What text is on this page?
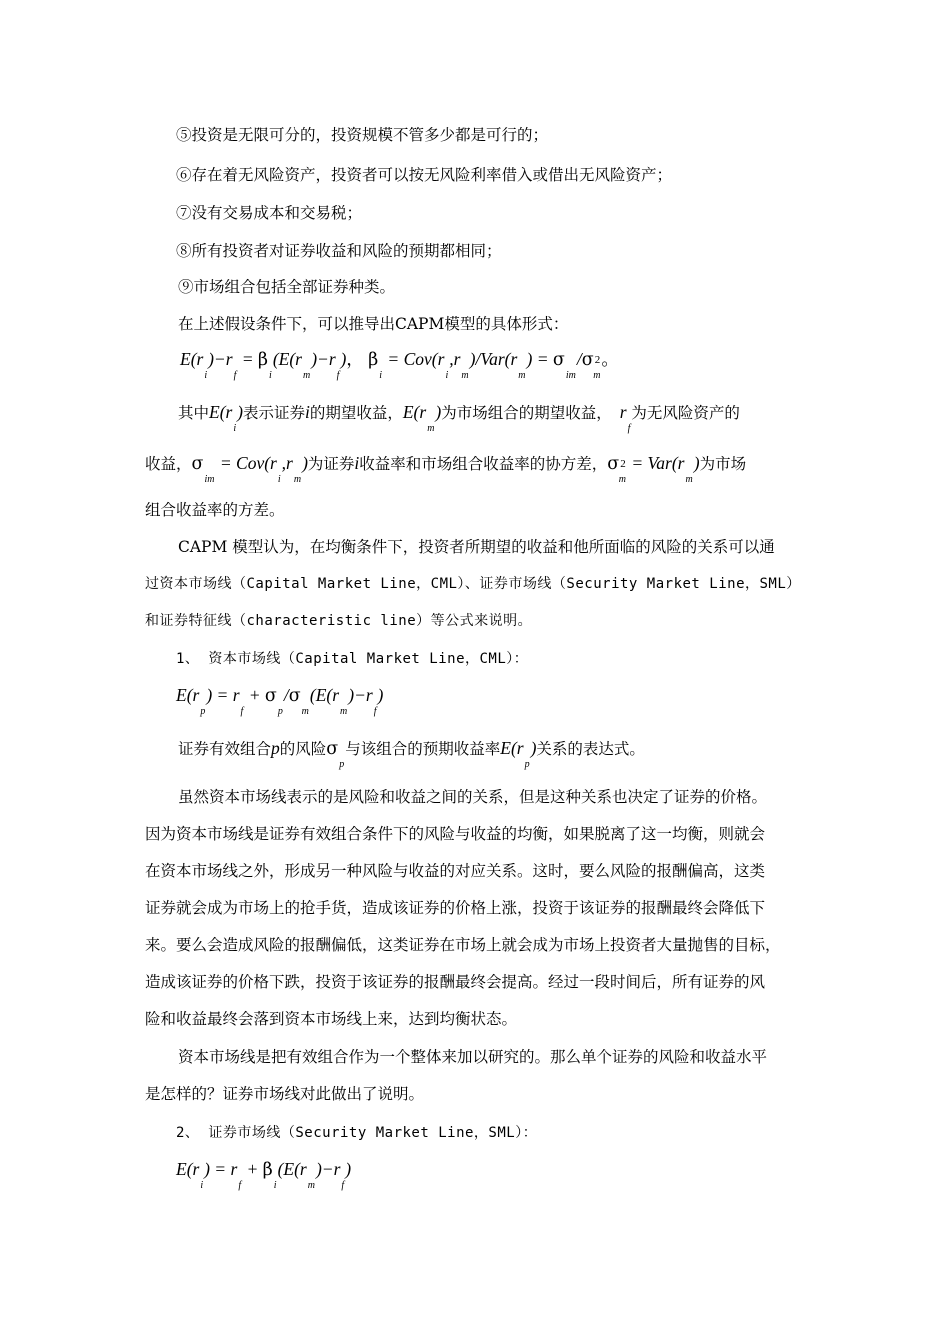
⑤投资是无限可分的，投资规模不管多少都是可行的；
⑥存在着无风险资产，投资者可以按无风险利率借入或借出无风险资产；
⑦没有交易成本和交易税；
⑧所有投资者对证券收益和风险的预期都相同；
⑨市场组合包括全部证券种类。
在上述假设条件下，可以推导出CAPM模型的具体形式：
$E(r_i)-r_f = \beta_i(E(r_m)-r_f)$， $\beta_i = Cov(r_i,r_m)/Var(r_m) = \sigma_{im}/\sigma 2_m$。
其中$E(r_i)$表示证券i的期望收益，$E(r_m)$为市场组合的期望收益， $r_f$为无风险资产的
收益，$\sigma_{im} = Cov(r_i,r_m)$为证券i收益率和市场组合收益率的协方差，$\sigma 2_m = Var(r_m)$为市场
组合收益率的方差。
CAPM 模型认为，在均衡条件下，投资者所期望的收益和他所面临的风险的关系可以通
过资本市场线（Capital Market Line，CML）、证券市场线（Security Market Line，SML）
和证券特征线（characteristic line）等公式来说明。
1、 资本市场线（Capital Market Line，CML）：
$E(r_p) = r_f + \sigma_p/\sigma_m(E(r_m)-r_f)$
证券有效组合p的风险$\sigma_p$与该组合的预期收益率$E(r_p)$关系的表达式。
虽然资本市场线表示的是风险和收益之间的关系，但是这种关系也决定了证券的价格。
因为资本市场线是证券有效组合条件下的风险与收益的均衡，如果脱离了这一均衡，则就会
在资本市场线之外，形成另一种风险与收益的对应关系。这时，要么风险的报酬偏高，这类
证券就会成为市场上的抢手货，造成该证券的价格上涨，投资于该证券的报酬最终会降低下
来。要么会造成风险的报酬偏低，这类证券在市场上就会成为市场上投资者大量抛售的目标，
造成该证券的价格下跌，投资于该证券的报酬最终会提高。经过一段时间后，所有证券的风
险和收益最终会落到资本市场线上来，达到均衡状态。
资本市场线是把有效组合作为一个整体来加以研究的。那么单个证券的风险和收益水平
是怎样的？证券市场线对此做出了说明。
2、 证券市场线（Security Market Line，SML）：
$E(r_i) = r_f + \beta_i(E(r_m)-r_f)$
